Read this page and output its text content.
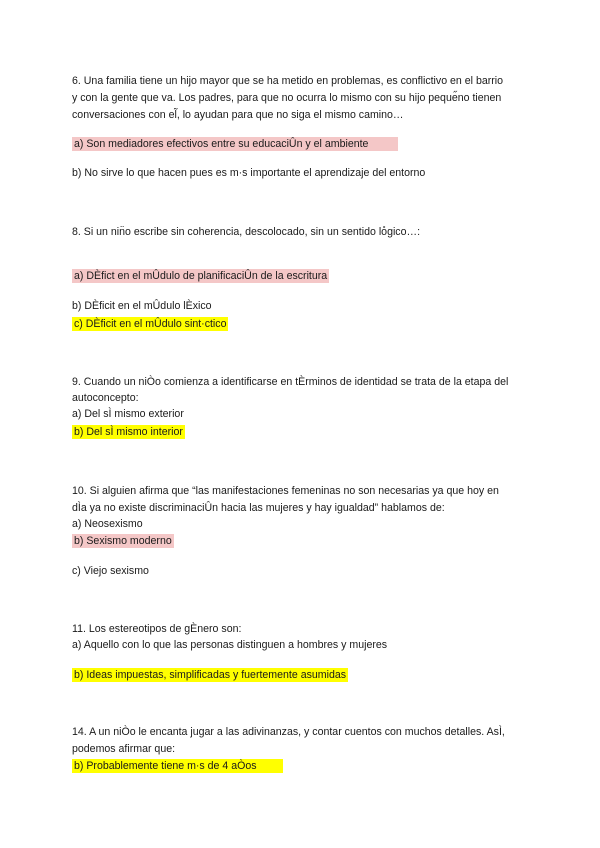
6. Una familia tiene un hijo mayor que se ha metido en problemas, es conflictivo en el barrio
y con la gente que va. Los padres, para que no ocurra lo mismo con su hijo peque̋no tienen
conversaciones con el̃, lo ayudan para que no siga el mismo camino…
a) Son mediadores efectivos entre su educaciÛn y el ambiente
b) No sirve lo que hacen pues es m·s importante el aprendizaje del entorno
8. Si un nin̈o escribe sin coherencia, descolocado, sin un sentido lo̊gico…:
a) DÈfict en el mÛdulo de planificaciÛn de la escritura
b) DÈficit en el mÛdulo lÈxico
c) DÈficit en el mÛdulo sint·ctico
9. Cuando un niÒo comienza a identificarse en tÈrminos de identidad se trata de la etapa del
autoconcepto:
a) Del sÌ mismo exterior
b) Del sÌ mismo interior
10. Si alguien afirma que “las manifestaciones femeninas no son necesarias ya que hoy en
dÌa ya no existe discriminaciÛn hacia las mujeres y hay igualdad” hablamos de:
a) Neosexismo
b) Sexismo moderno
c) Viejo sexismo
11. Los estereotipos de gÈnero son:
a) Aquello con lo que las personas distinguen a hombres y mujeres
b) Ideas impuestas, simplificadas y fuertemente asumidas
14. A un niÒo le encanta jugar a las adivinanzas, y contar cuentos con muchos detalles. AsÌ,
podemos afirmar que:
b) Probablemente tiene m·s de 4 aÒos
